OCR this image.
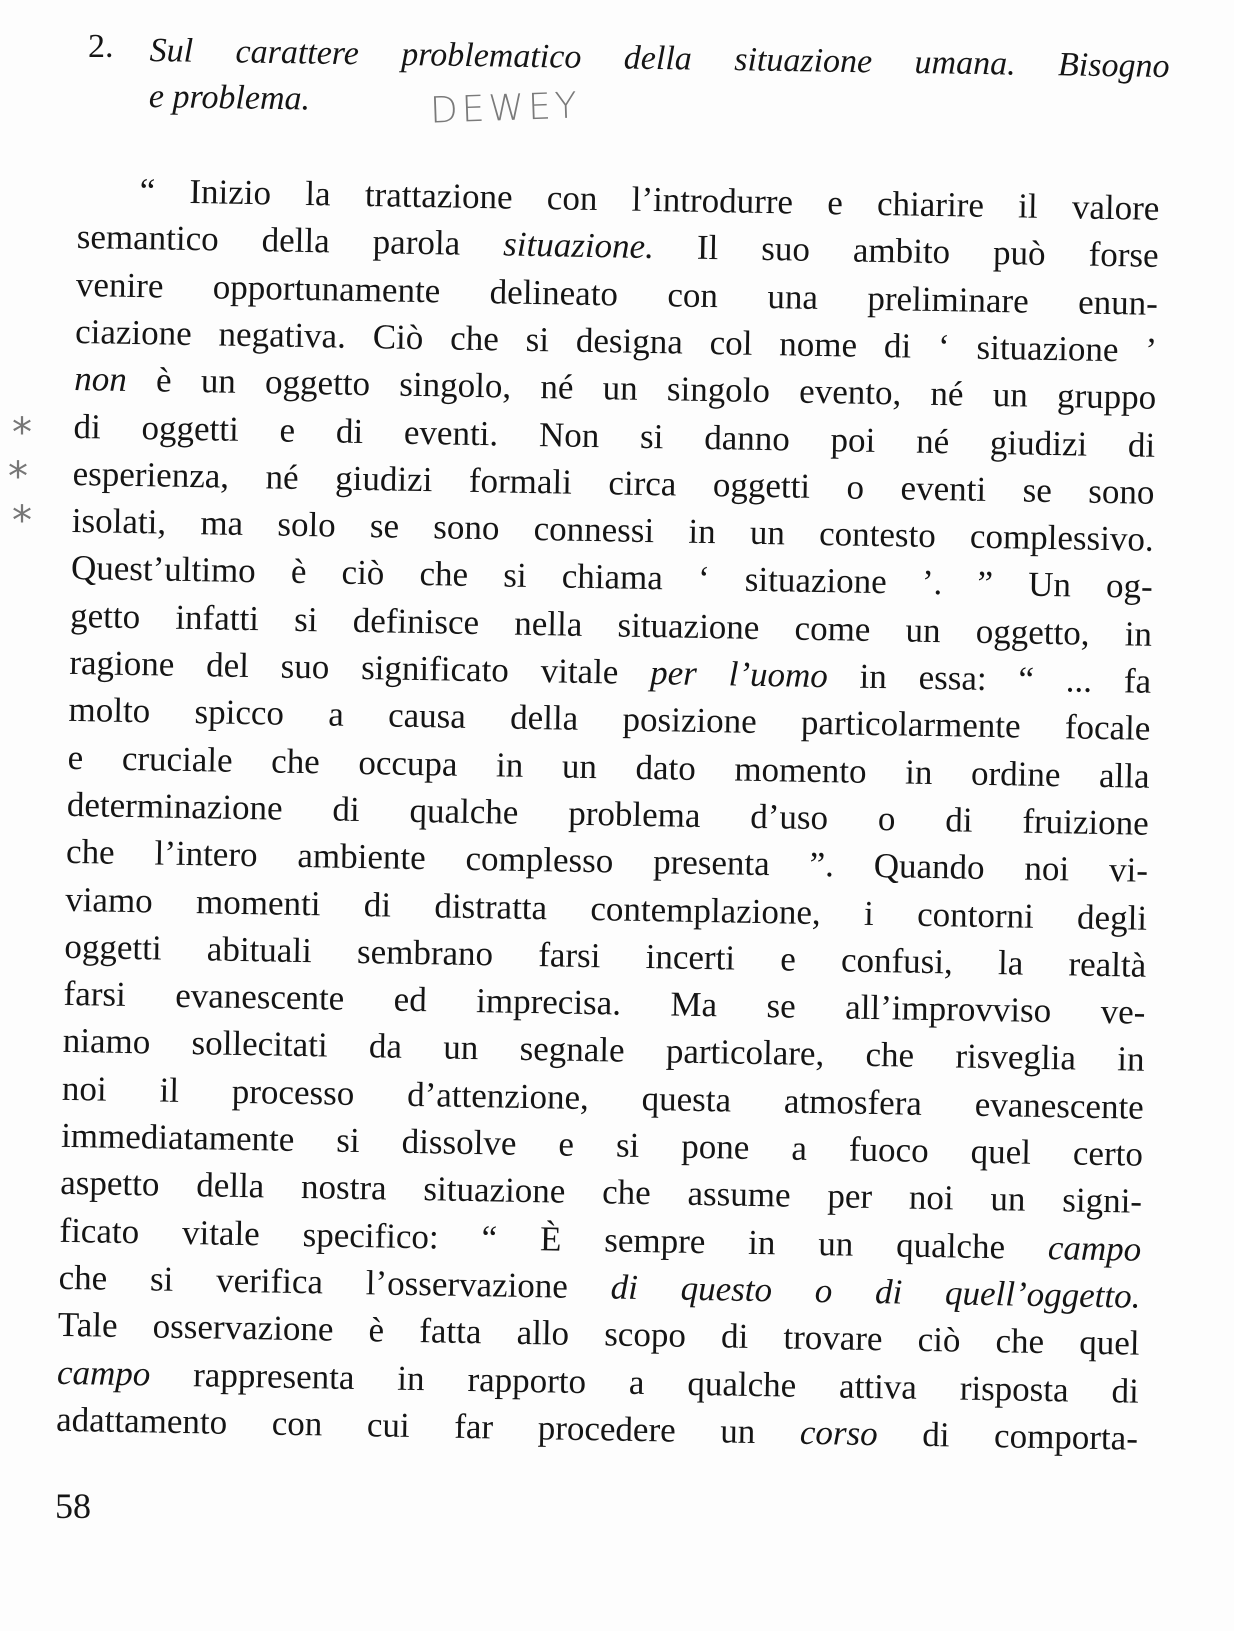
2. Sul carattere problematico della situazione umana. Bisogno
e problema.	DEWEY
*
*
*
“ Inizio la trattazione con l’introdurre e chiarire il valore
semantico della parola situazione. Il suo ambito può forse
venire opportunamente delineato con una preliminare enun-
ciazione negativa. Ciò che si designa col nome di ‘ situazione ’
non è un oggetto singolo, né un singolo evento, né un gruppo
di oggetti e di eventi. Non si danno poi né giudizi di
esperienza, né giudizi formali circa oggetti o eventi se sono
isolati, ma solo se sono connessi in un contesto complessivo.
Quest’ultimo è ciò che si chiama ‘ situazione ’. ” Un og-
getto infatti si definisce nella situazione come un oggetto, in
ragione del suo significato vitale per l’uomo in essa: “ ... fa
molto spicco a causa della posizione particolarmente focale
e cruciale che occupa in un dato momento in ordine alla
determinazione di qualche problema d’uso o di fruizione
che l’intero ambiente complesso presenta ”. Quando noi vi-
viamo momenti di distratta contemplazione, i contorni degli
oggetti abituali sembrano farsi incerti e confusi, la realtà
farsi evanescente ed imprecisa. Ma se all’improvviso ve-
niamo sollecitati da un segnale particolare, che risveglia in
noi il processo d’attenzione, questa atmosfera evanescente
immediatamente si dissolve e si pone a fuoco quel certo
aspetto della nostra situazione che assume per noi un signi-
ficato vitale specifico: “ È sempre in un qualche campo
che si verifica l’osservazione di questo o di quell’oggetto.
Tale osservazione è fatta allo scopo di trovare ciò che quel
campo rappresenta in rapporto a qualche attiva risposta di
adattamento con cui far procedere un corso di comporta-
58
